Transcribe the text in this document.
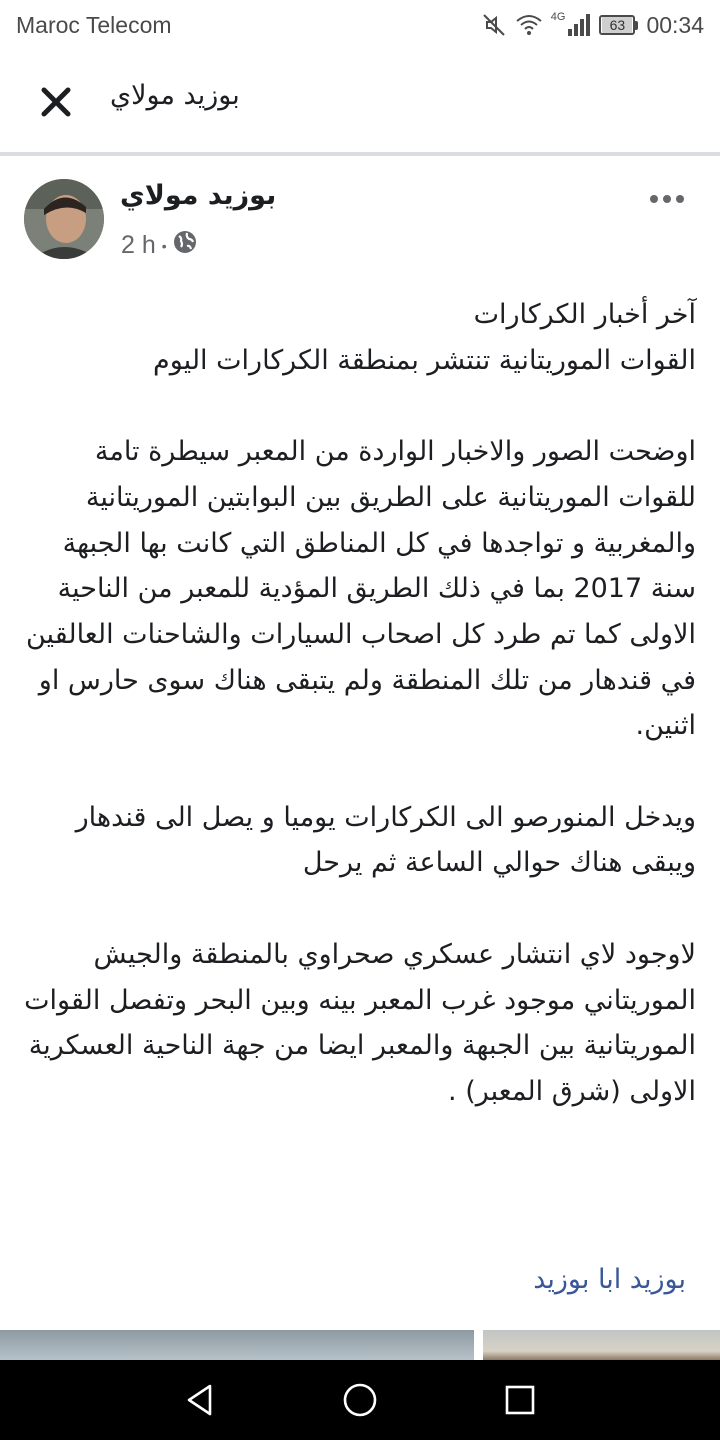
Maroc Telecom	4G	63 00:34
بوزيد مولاي
بوزيد مولاي
2 h •

آخر أخبار الكركارات
القوات الموريتانية تنتشر بمنطقة الكركارات اليوم

اوضحت الصور والاخبار الواردة من المعبر سيطرة تامة للقوات الموريتانية على الطريق بين البوابتين الموريتانية والمغربية و تواجدها في كل المناطق التي كانت بها الجبهة سنة 2017 بما في ذلك الطريق المؤدية للمعبر من الناحية الاولى كما تم طرد كل اصحاب السيارات والشاحنات العالقين في قندهار من تلك المنطقة ولم يتبقى هناك سوى حارس او اثنين.

ويدخل المنورصو الى الكركارات يوميا و يصل الى قندهار ويبقى هناك حوالي الساعة ثم يرحل

لاوجود لاي انتشار عسكري صحراوي بالمنطقة والجيش الموريتاني موجود غرب المعبر بينه وبين البحر وتفصل القوات الموريتانية بين الجبهة والمعبر ايضا من جهة الناحية العسكرية الاولى (شرق المعبر) .

بوزيد ابا بوزيد
